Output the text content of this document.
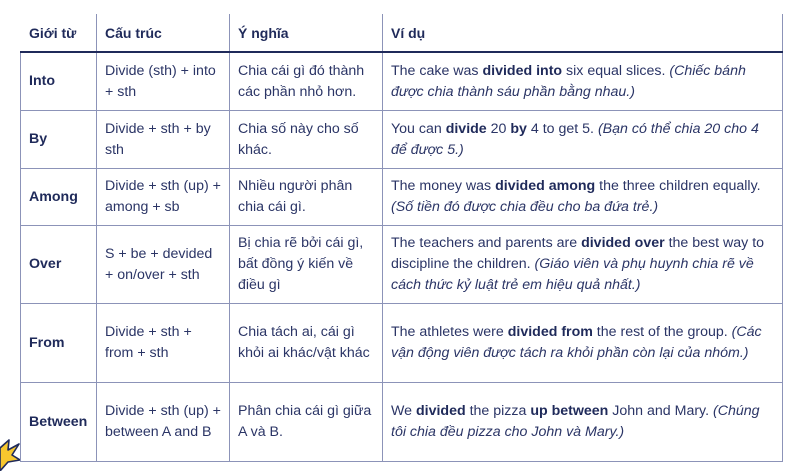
Giới từ	Cấu trúc	Ý nghĩa	Ví dụ
Into	Divide (sth) + into + sth	Chia cái gì đó thành các phần nhỏ hơn.	The cake was divided into six equal slices. (Chiếc bánh được chia thành sáu phần bằng nhau.)
By	Divide + sth + by sth	Chia số này cho số khác.	You can divide 20 by 4 to get 5. (Bạn có thể chia 20 cho 4 để được 5.)
Among	Divide + sth (up) + among + sb	Nhiều người phân chia cái gì.	The money was divided among the three children equally. (Số tiền đó được chia đều cho ba đứa trẻ.)
Over	S + be + devided + on/over + sth	Bị chia rẽ bởi cái gì, bất đồng ý kiến về điều gì	The teachers and parents are divided over the best way to discipline the children. (Giáo viên và phụ huynh chia rẽ về cách thức kỷ luật trẻ em hiệu quả nhất.)
From	Divide + sth + from + sth	Chia tách ai, cái gì khỏi ai khác/vật khác	The athletes were divided from the rest of the group. (Các vận động viên được tách ra khỏi phần còn lại của nhóm.)
Between	Divide + sth (up) + between A and B	Phân chia cái gì giữa A và B.	We divided the pizza up between John and Mary. (Chúng tôi chia đều pizza cho John và Mary.)
